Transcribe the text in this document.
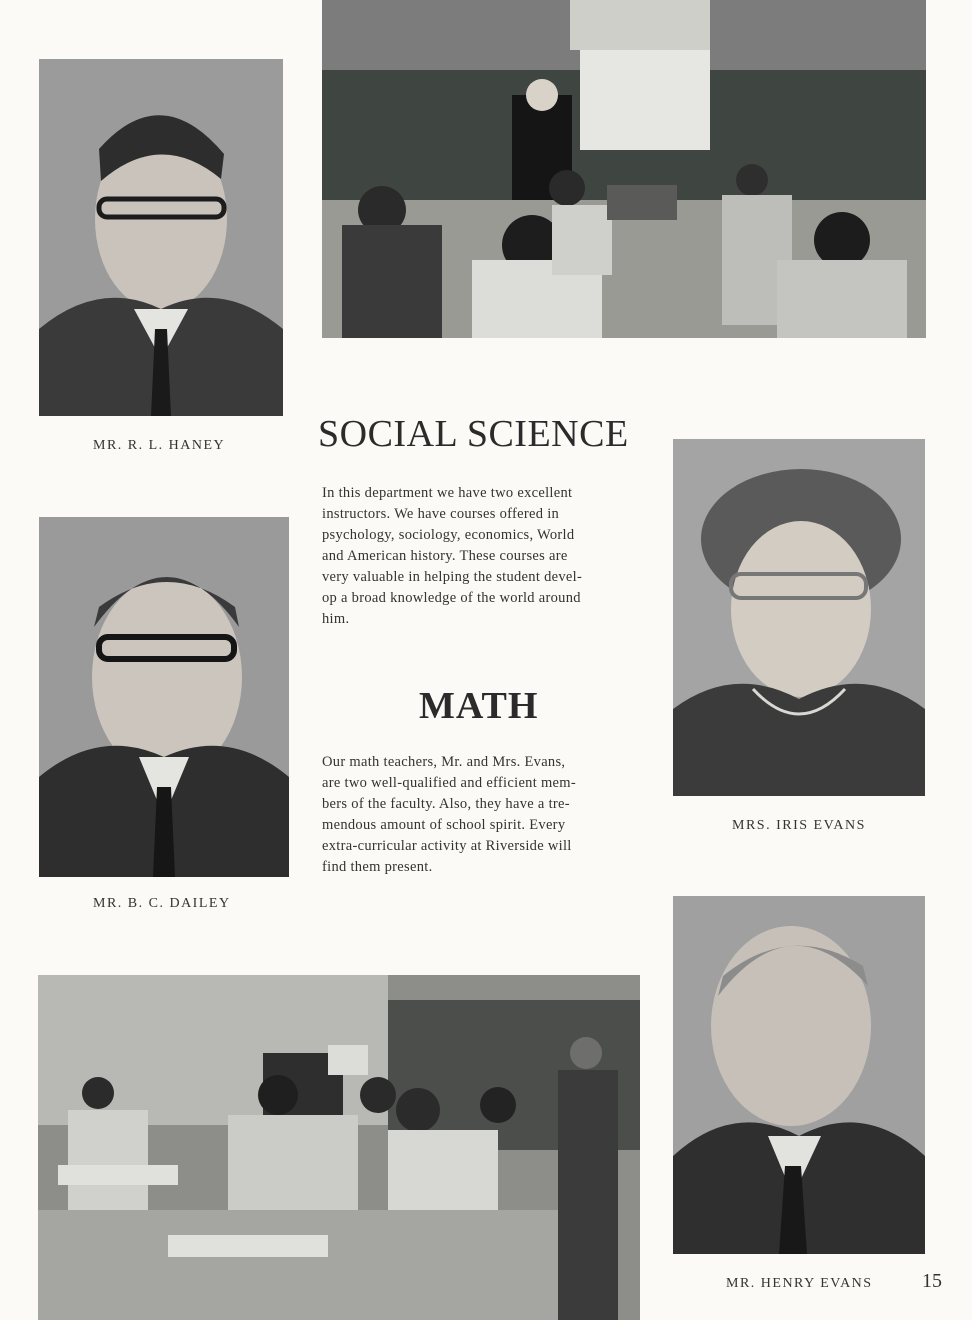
MR. R. L. HANEY SOCIAL SCIENCE
In this department we have two excellent
instructors. We have courses offered in
psychology, sociology, economics, World
and American history. These courses are
very valuable in helping the student devel-
op a broad knowledge of the world around
him.
MR. B. C. DAILEY
MATH
Our math teachers, Mr. and Mrs. Evans,
are two well-qualified and efficient mem-
bers of the faculty. Also, they have a tre-
mendous amount of school spirit. Every
extra-curricular activity at Riverside will
find them present.
MRS. IRIS EVANS
MR. HENRY EVANS 15
